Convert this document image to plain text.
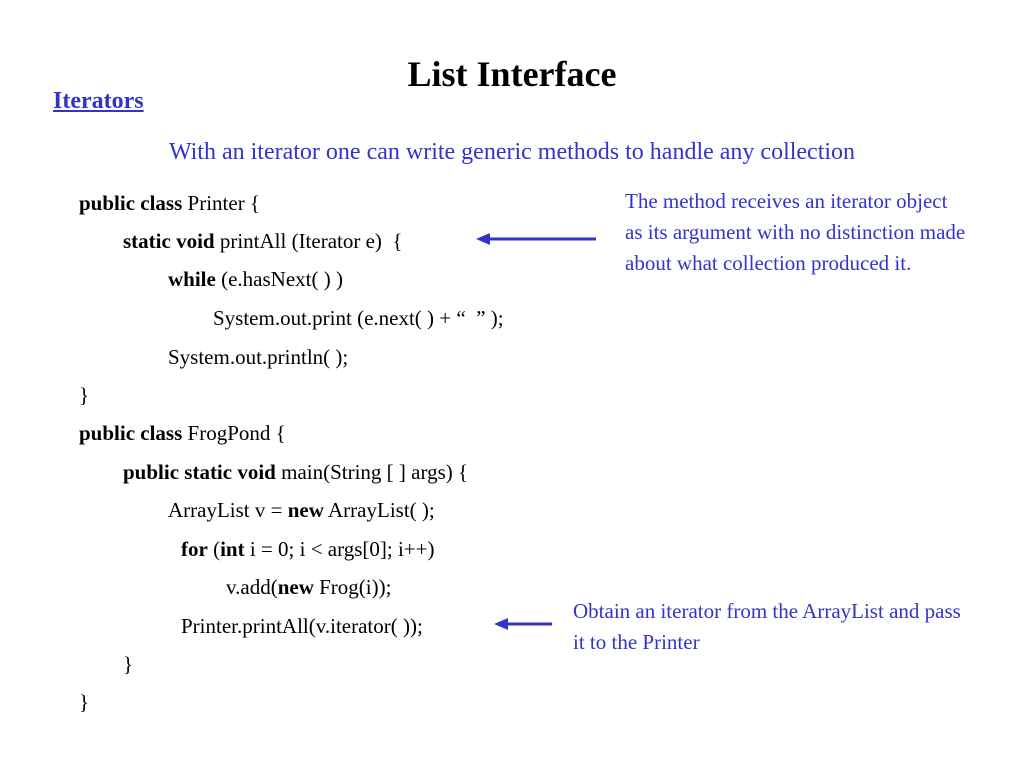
List Interface
Iterators
With an iterator one can write generic methods to handle any collection
public class Printer {
static void printAll (Iterator e)  {
while (e.hasNext( ) )
System.out.print (e.next( ) + “  ” );
System.out.println( );
}
public class FrogPond {
public static void main(String [ ] args) {
ArrayList v = new ArrayList( );
for (int i = 0; i < args[0]; i++)
v.add(new Frog(i));
Printer.printAll(v.iterator( ));
}
}
The method receives an iterator object as its argument with no distinction made about what collection produced it.
Obtain an iterator from the ArrayList and pass it to the Printer
